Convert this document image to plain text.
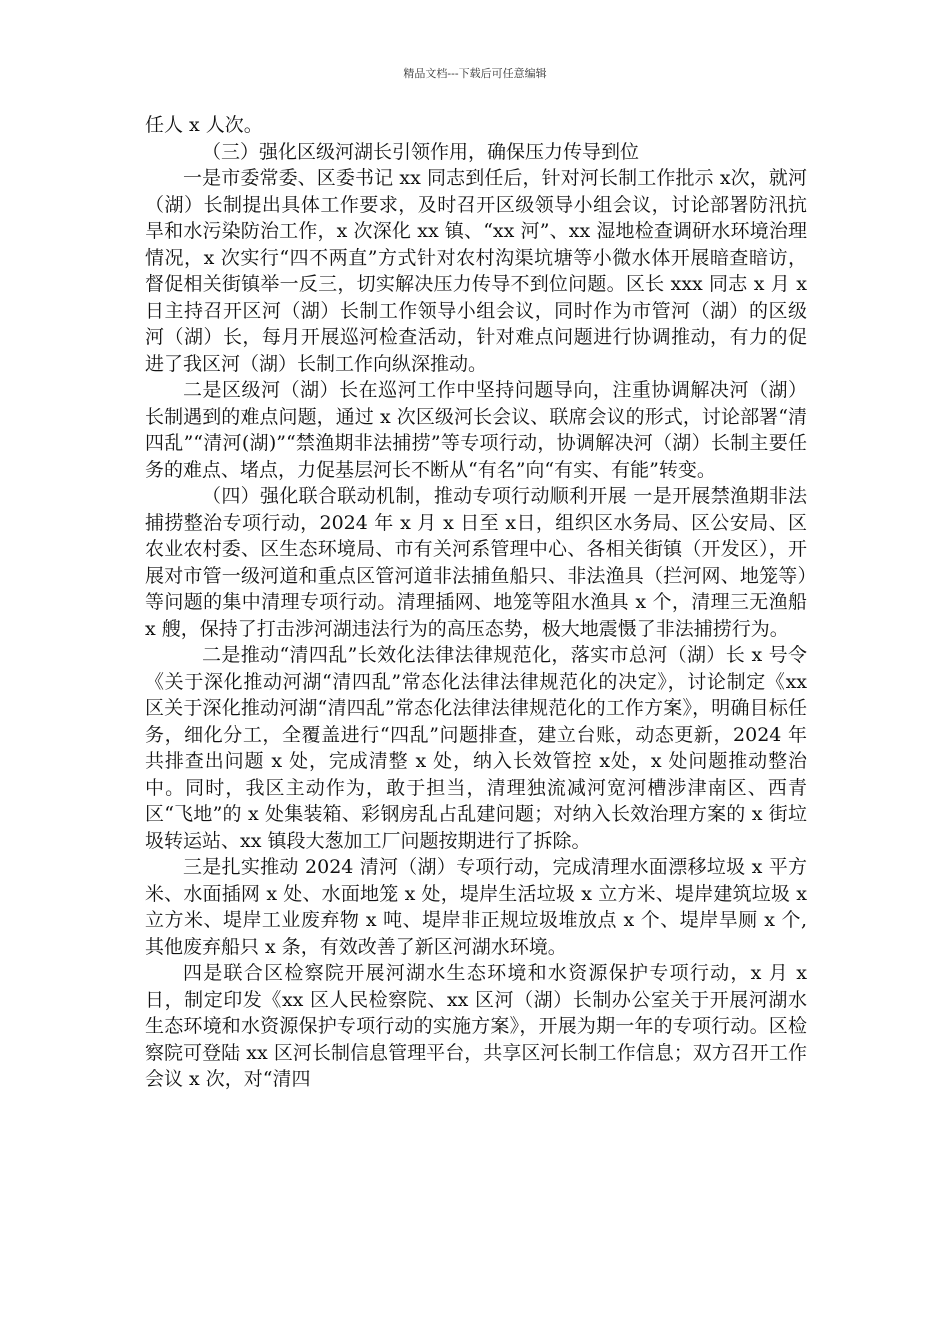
精品文档---下载后可任意编辑

任人 x 人次。

（三）强化区级河湖长引领作用，确保压力传导到位

一是市委常委、区委书记 xx 同志到任后，针对河长制工作批示 x次，就河（湖）长制提出具体工作要求，及时召开区级领导小组会议，讨论部署防汛抗旱和水污染防治工作，x 次深化 xx 镇、“xx 河”、xx 湿地检查调研水环境治理情况，x 次实行“四不两直”方式针对农村沟渠坑塘等小微水体开展暗查暗访，督促相关街镇举一反三，切实解决压力传导不到位问题。区长 xxx 同志 x 月 x 日主持召开区河（湖）长制工作领导小组会议，同时作为市管河（湖）的区级河（湖）长，每月开展巡河检查活动，针对难点问题进行协调推动，有力的促进了我区河（湖）长制工作向纵深推动。

二是区级河（湖）长在巡河工作中坚持问题导向，注重协调解决河（湖）长制遇到的难点问题，通过 x 次区级河长会议、联席会议的形式，讨论部署“清四乱”“清河(湖)”“禁渔期非法捕捞”等专项行动，协调解决河（湖）长制主要任务的难点、堵点，力促基层河长不断从“有名”向“有实、有能”转变。

（四）强化联合联动机制，推动专项行动顺利开展 一是开展禁渔期非法捕捞整治专项行动，2024 年 x 月 x 日至 x日，组织区水务局、区公安局、区农业农村委、区生态环境局、市有关河系管理中心、各相关街镇（开发区），开展对市管一级河道和重点区管河道非法捕鱼船只、非法渔具（拦河网、地笼等）等问题的集中清理专项行动。清理插网、地笼等阻水渔具 x 个，清理三无渔船 x 艘，保持了打击涉河湖违法行为的高压态势，极大地震慑了非法捕捞行为。

二是推动“清四乱”长效化法律法律规范化，落实市总河（湖）长 x 号令《关于深化推动河湖“清四乱”常态化法律法律规范化的决定》，讨论制定《xx 区关于深化推动河湖“清四乱”常态化法律法律规范化的工作方案》，明确目标任务，细化分工，全覆盖进行“四乱”问题排查，建立台账，动态更新，2024 年共排查出问题 x 处，完成清整 x 处，纳入长效管控 x处，x 处问题推动整治中。同时，我区主动作为，敢于担当，清理独流减河宽河槽涉津南区、西青区“飞地”的 x 处集装箱、彩钢房乱占乱建问题；对纳入长效治理方案的 x 街垃圾转运站、xx 镇段大葱加工厂问题按期进行了拆除。

三是扎实推动 2024 清河（湖）专项行动，完成清理水面漂移垃圾 x 平方米、水面插网 x 处、水面地笼 x 处，堤岸生活垃圾 x 立方米、堤岸建筑垃圾 x 立方米、堤岸工业废弃物 x 吨、堤岸非正规垃圾堆放点 x 个、堤岸旱厕 x 个,其他废弃船只 x 条，有效改善了新区河湖水环境。

四是联合区检察院开展河湖水生态环境和水资源保护专项行动，x 月 x 日，制定印发《xx 区人民检察院、xx 区河（湖）长制办公室关于开展河湖水生态环境和水资源保护专项行动的实施方案》，开展为期一年的专项行动。区检察院可登陆 xx 区河长制信息管理平台，共享区河长制工作信息；双方召开工作会议 x 次，对“清四
